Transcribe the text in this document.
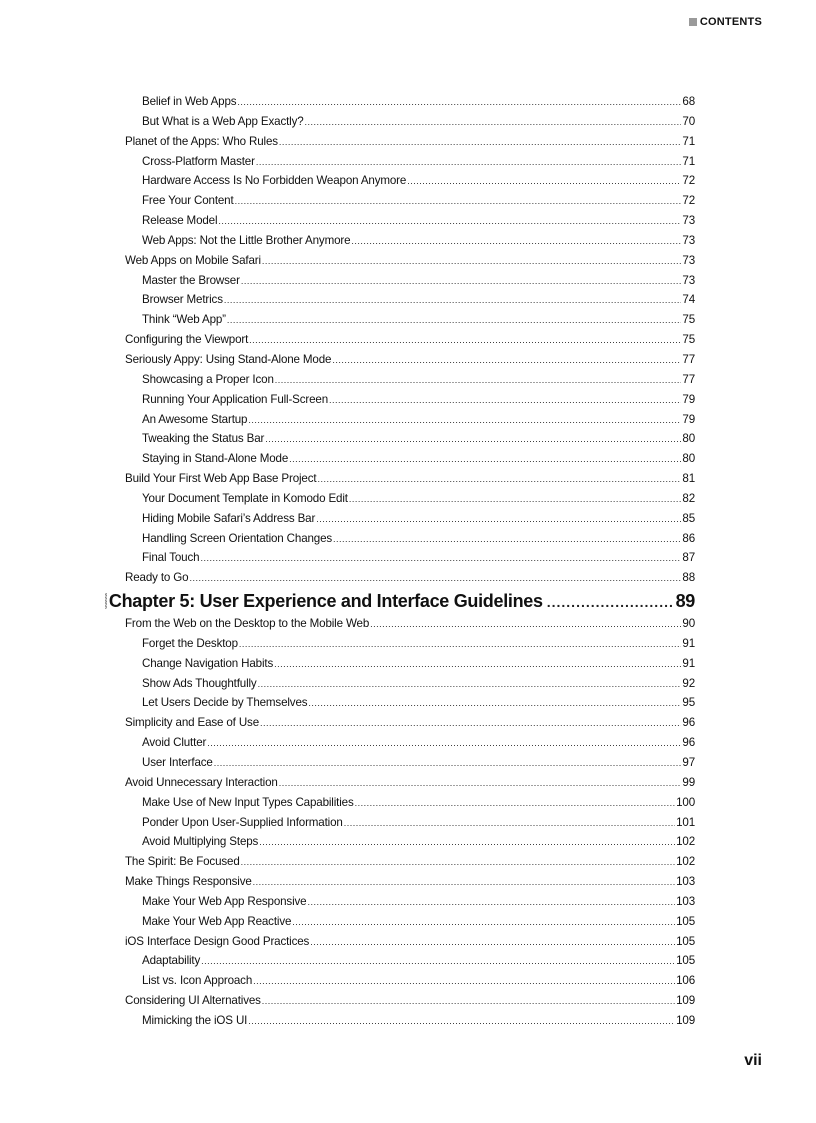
CONTENTS
Belief in Web Apps .....	68
But What is a Web App Exactly? .....	70
Planet of the Apps: Who Rules .....	71
Cross-Platform Master .....	71
Hardware Access Is No Forbidden Weapon Anymore .....	72
Free Your Content .....	72
Release Model .....	73
Web Apps: Not the Little Brother Anymore .....	73
Web Apps on Mobile Safari .....	73
Master the Browser .....	73
Browser Metrics .....	74
Think “Web App” .....	75
Configuring the Viewport .....	75
Seriously Appy: Using Stand-Alone Mode .....	77
Showcasing a Proper Icon .....	77
Running Your Application Full-Screen .....	79
An Awesome Startup .....	79
Tweaking the Status Bar .....	80
Staying in Stand-Alone Mode .....	80
Build Your First Web App Base Project .....	81
Your Document Template in Komodo Edit .....	82
Hiding Mobile Safari’s Address Bar .....	85
Handling Screen Orientation Changes .....	86
Final Touch .....	87
Ready to Go .....	88
Chapter 5: User Experience and Interface Guidelines .....	89
From the Web on the Desktop to the Mobile Web .....	90
Forget the Desktop .....	91
Change Navigation Habits .....	91
Show Ads Thoughtfully .....	92
Let Users Decide by Themselves .....	95
Simplicity and Ease of Use .....	96
Avoid Clutter .....	96
User Interface .....	97
Avoid Unnecessary Interaction .....	99
Make Use of New Input Types Capabilities .....	100
Ponder Upon User-Supplied Information .....	101
Avoid Multiplying Steps .....	102
The Spirit: Be Focused .....	102
Make Things Responsive .....	103
Make Your Web App Responsive .....	103
Make Your Web App Reactive .....	105
iOS Interface Design Good Practices .....	105
Adaptability .....	105
List vs. Icon Approach .....	106
Considering UI Alternatives .....	109
Mimicking the iOS UI .....	109
vii
